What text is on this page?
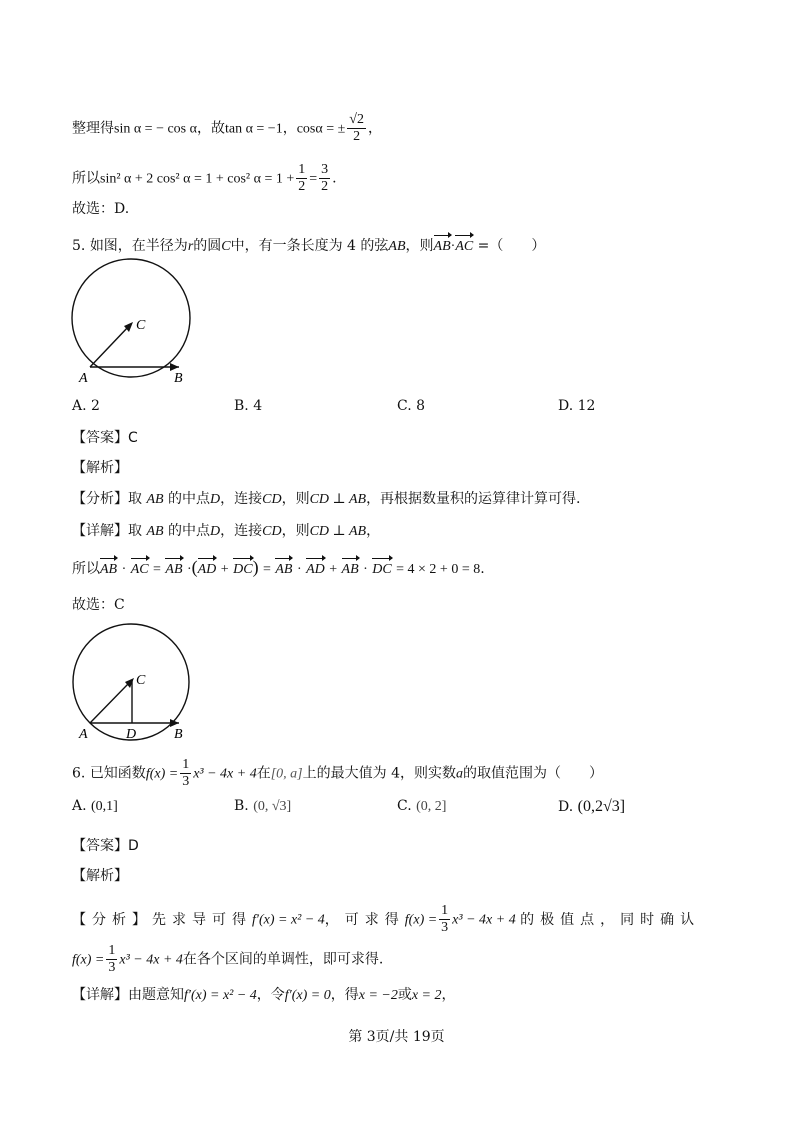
整理得sin α = − cos α，故tan α = −1，cosα = ± $\frac{√2}{2}$ ，
所以sin² α + 2 cos² α = 1 + cos² $\alpha = 1 + \frac{1}{2} = \frac{3}{2}$ .
故选：D.
5. 如图，在半径为r的圆C中，有一条长度为 4 的弦AB，则AB·AC =（　　）
C
A	B
A. 2	B. 4	C. 8	D. 12
【答案】C
【解析】
【分析】取 AB 的中点D，连接CD，则CD ⊥ AB，再根据数量积的运算律计算可得.
【详解】取 AB 的中点D，连接CD，则CD ⊥ AB，
所以AB · AC = AB ·(AD + DC) = AB · AD + AB · DC = 4 × 2 + 0 = 8.
故选：C
C
A	D	B
6. 已知函数$f(x) = \frac{1}{3} x^3 - 4x + 4$在[0, a]上的最大值为 4，则实数a的取值范围为（　　）
A. (0,1]	B. (0, √3]	C. (0, 2]	D. (0,2√3]
【答案】D
【解析】
【分析】先求导可得f′(x) = x² − 4，可求得$f(x) = \frac{1}{3} x^3 - 4x + 4$ 的极值点，同时确认
$f(x) = \frac{1}{3} x^3 - 4x + 4$在各个区间的单调性，即可求得.
【详解】由题意知f′(x) = x² − 4，令f′(x) = 0，得x = −2或x = 2，
第 3页/共 19页
